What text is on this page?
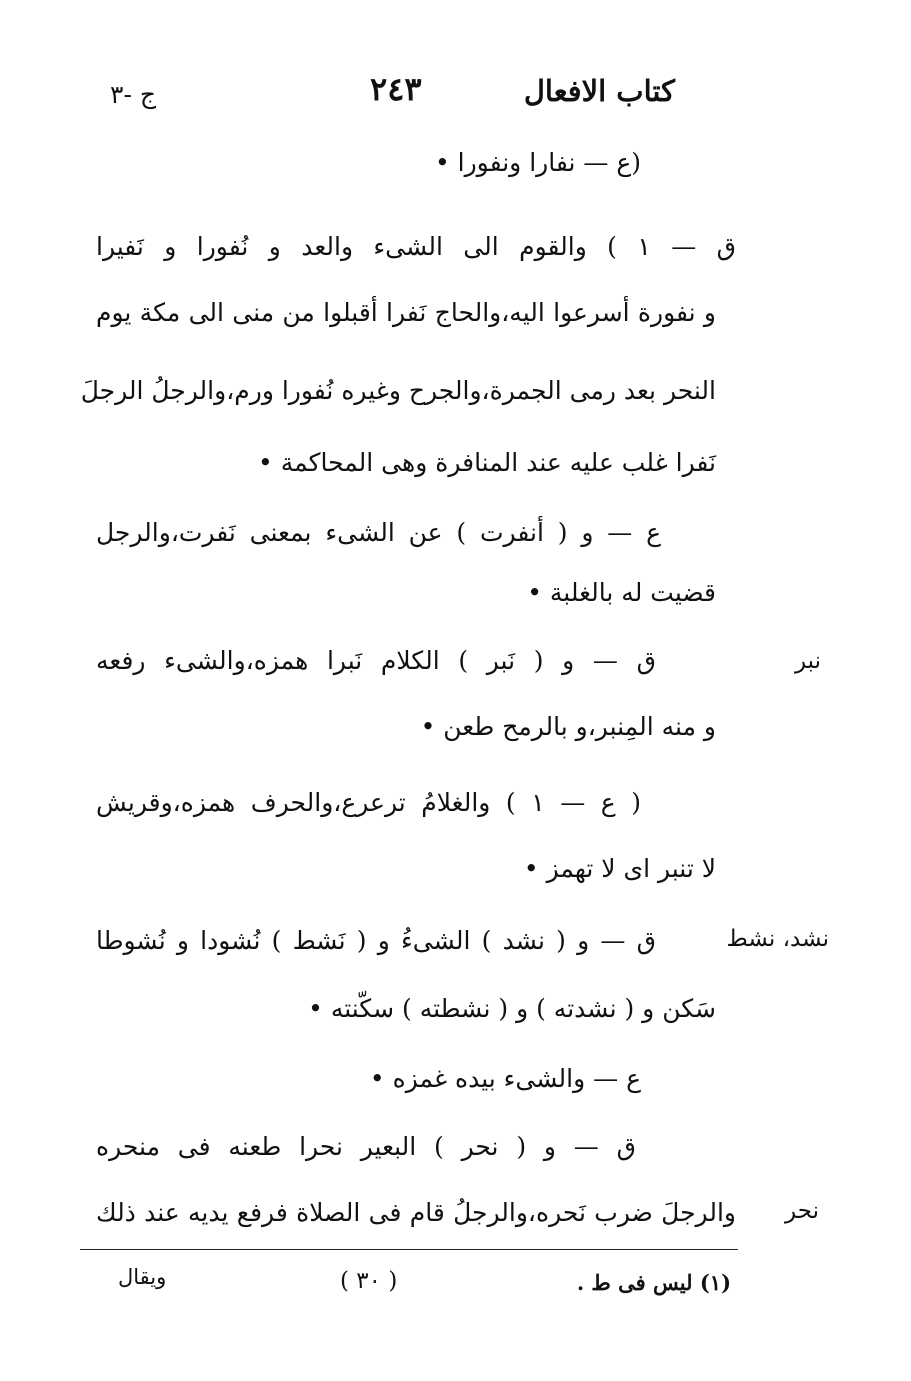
كتاب الافعال
٢٤٣
ج -٣
(ع — نفارا ونفورا •
ق — ١ ) والقوم الى الشىء والعد و نُفورا و نَفيرا
و نفورة أسرعوا اليه،والحاج نَفرا أقبلوا من منى الى مكة يوم
النحر بعد رمى الجمرة،والجرح وغيره نُفورا ورم،والرجلُ الرجلَ
نَفرا غلب عليه عند المنافرة وهى المحاكمة •
ع — و ( أنفرت ) عن الشىء بمعنى نَفرت،والرجل
قضيت له بالغلبة •
ق — و ( نَبر ) الكلام نَبرا همزه،والشىء رفعه
و منه المِنبر،و بالرمح طعن •
( ع — ١ ) والغلامُ ترعرع،والحرف همزه،وقريش
لا تنبر اى لا تهمز •
ق — و ( نشد ) الشىءُ و ( نَشط ) نُشودا و نُشوطا
سَكن و ( نشدته ) و ( نشطته ) سكّنته •
ع — والشىء بيده غمزه •
ق — و ( نحر ) البعير نحرا طعنه فى منحره
والرجلَ ضرب نَحره،والرجلُ قام فى الصلاة فرفع يديه عند ذلك
نبر
نشد، نشط
نحر
(١) ليس فى ط .
( ٣٠ )
ويقال
